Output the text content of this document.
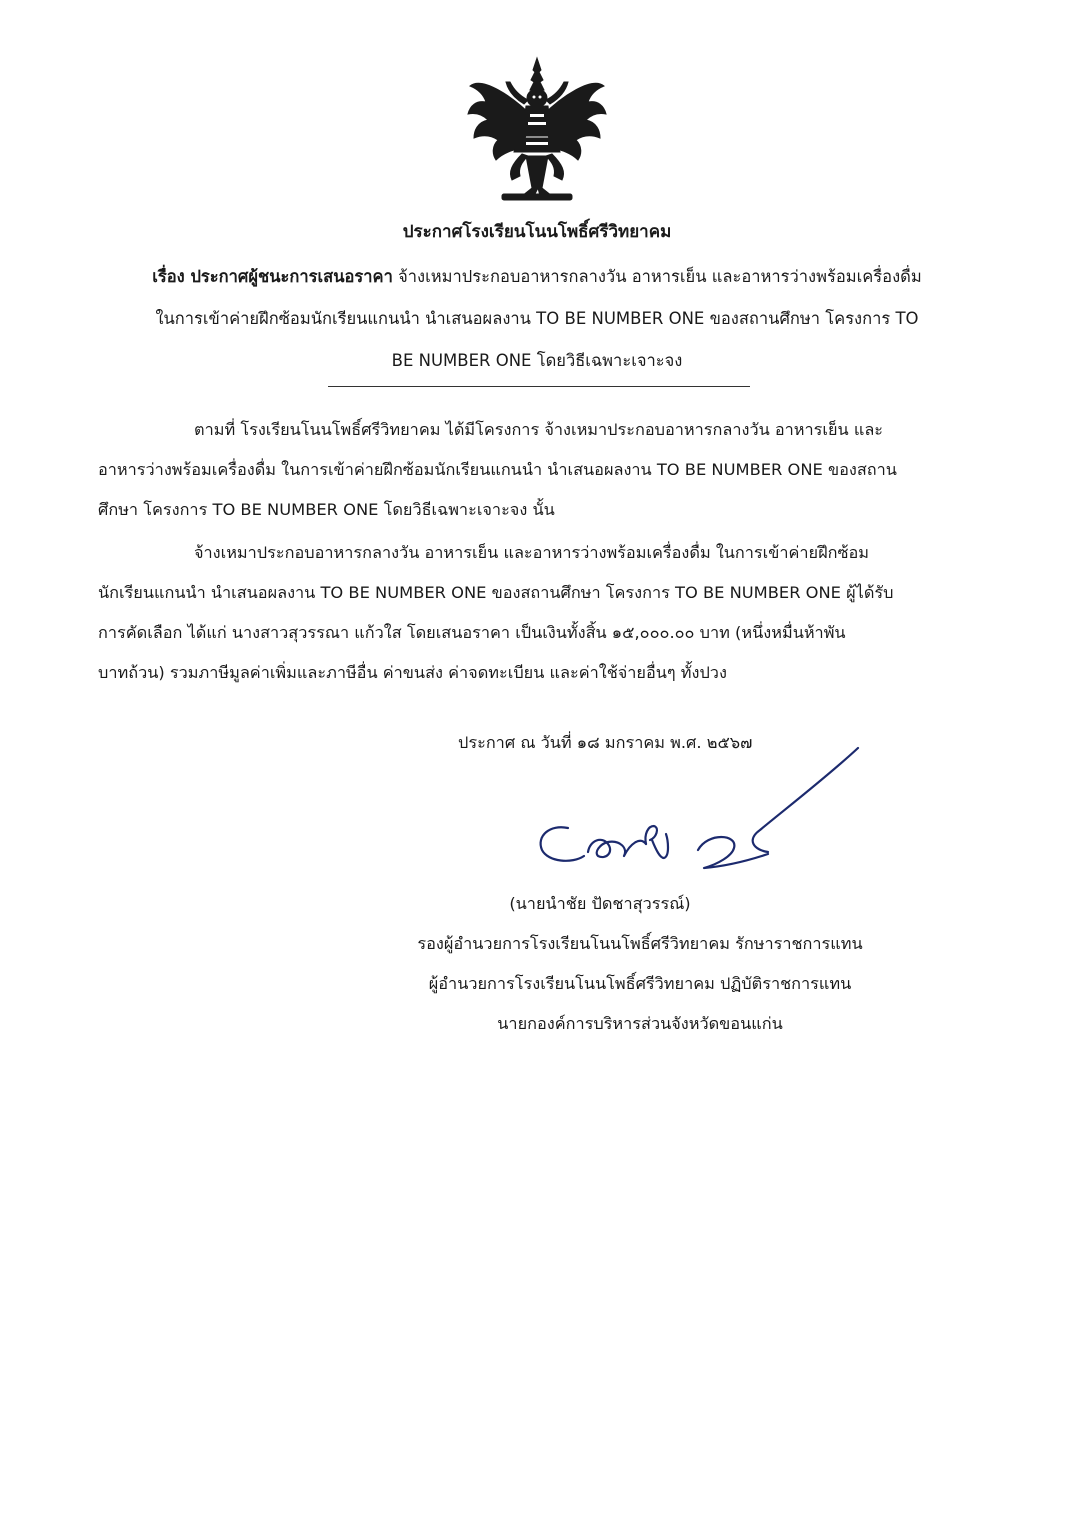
ประกาศโรงเรียนโนนโพธิ์ศรีวิทยาคม
เรื่อง ประกาศผู้ชนะการเสนอราคา จ้างเหมาประกอบอาหารกลางวัน อาหารเย็น และอาหารว่างพร้อมเครื่องดื่ม
ในการเข้าค่ายฝึกซ้อมนักเรียนแกนนำ นำเสนอผลงาน TO BE NUMBER ONE ของสถานศึกษา โครงการ TO
BE NUMBER ONE โดยวิธีเฉพาะเจาะจง
ตามที่ โรงเรียนโนนโพธิ์ศรีวิทยาคม ได้มีโครงการ จ้างเหมาประกอบอาหารกลางวัน อาหารเย็น และ
อาหารว่างพร้อมเครื่องดื่ม ในการเข้าค่ายฝึกซ้อมนักเรียนแกนนำ นำเสนอผลงาน TO BE NUMBER ONE ของสถาน
ศึกษา โครงการ TO BE NUMBER ONE โดยวิธีเฉพาะเจาะจง นั้น
จ้างเหมาประกอบอาหารกลางวัน อาหารเย็น และอาหารว่างพร้อมเครื่องดื่ม ในการเข้าค่ายฝึกซ้อม
นักเรียนแกนนำ นำเสนอผลงาน TO BE NUMBER ONE ของสถานศึกษา โครงการ TO BE NUMBER ONE ผู้ได้รับ
การคัดเลือก ได้แก่ นางสาวสุวรรณา แก้วใส โดยเสนอราคา เป็นเงินทั้งสิ้น ๑๕,๐๐๐.๐๐ บาท (หนึ่งหมื่นห้าพัน
บาทถ้วน) รวมภาษีมูลค่าเพิ่มและภาษีอื่น ค่าขนส่ง ค่าจดทะเบียน และค่าใช้จ่ายอื่นๆ ทั้งปวง
ประกาศ ณ วันที่ ๑๘ มกราคม พ.ศ. ๒๕๖๗
(นายนำชัย ปัดชาสุวรรณ์)
รองผู้อำนวยการโรงเรียนโนนโพธิ์ศรีวิทยาคม รักษาราชการแทน
ผู้อำนวยการโรงเรียนโนนโพธิ์ศรีวิทยาคม ปฏิบัติราชการแทน
นายกองค์การบริหารส่วนจังหวัดขอนแก่น
